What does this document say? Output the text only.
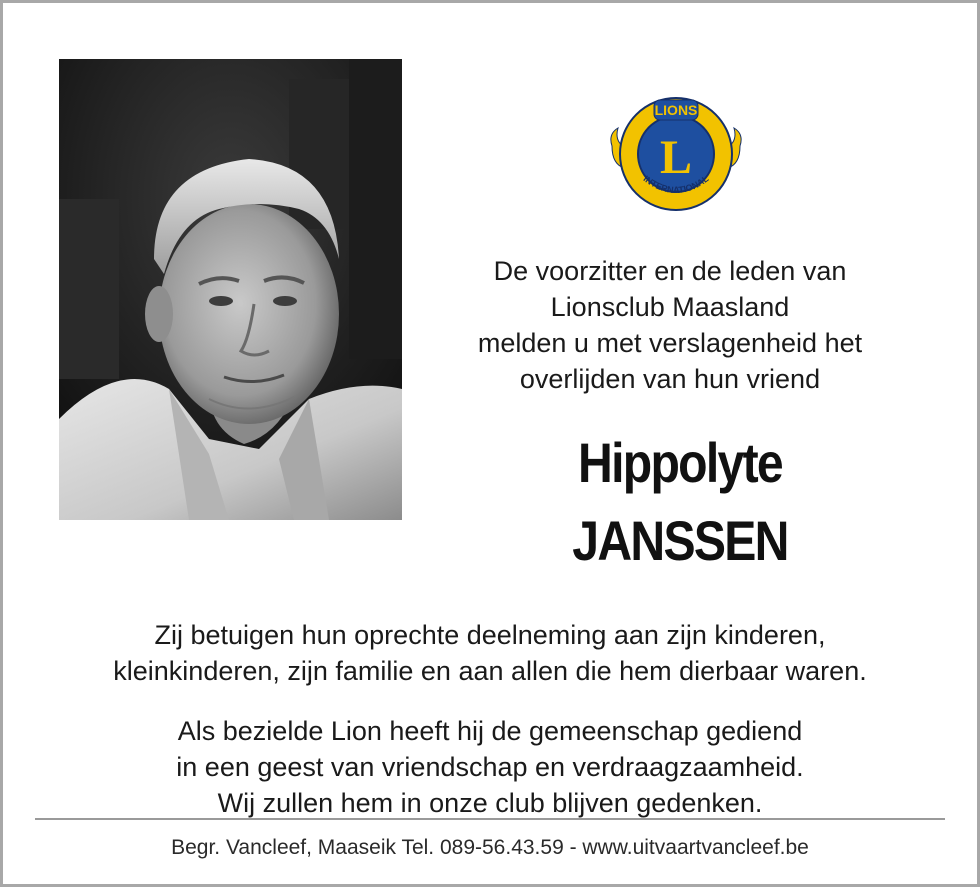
LIONS
L
INTERNATIONAL
De voorzitter en de leden van
Lionsclub Maasland
melden u met verslagenheid het
overlijden van hun vriend
Hippolyte
JANSSEN
Zij betuigen hun oprechte deelneming aan zijn kinderen,
kleinkinderen, zijn familie en aan allen die hem dierbaar waren.
Als bezielde Lion heeft hij de gemeenschap gediend
in een geest van vriendschap en verdraagzaamheid.
Wij zullen hem in onze club blijven gedenken.
Begr. Vancleef, Maaseik Tel. 089-56.43.59 - www.uitvaartvancleef.be
